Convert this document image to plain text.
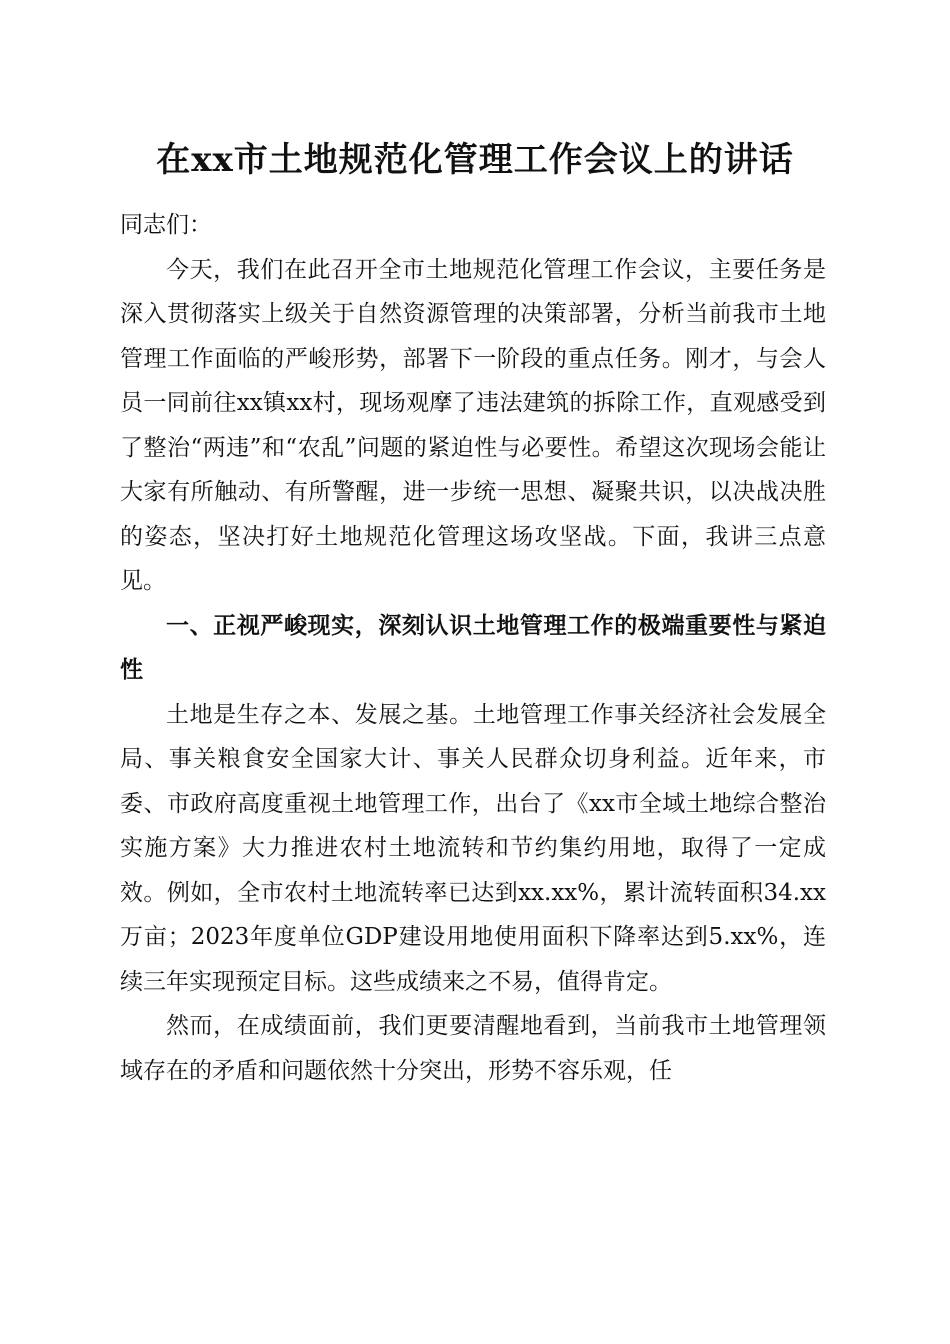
在xx市土地规范化管理工作会议上的讲话

同志们：

今天，我们在此召开全市土地规范化管理工作会议，主要任务是深入贯彻落实上级关于自然资源管理的决策部署，分析当前我市土地管理工作面临的严峻形势，部署下一阶段的重点任务。刚才，与会人员一同前往xx镇xx村，现场观摩了违法建筑的拆除工作，直观感受到了整治“两违”和“农乱”问题的紧迫性与必要性。希望这次现场会能让大家有所触动、有所警醒，进一步统一思想、凝聚共识，以决战决胜的姿态，坚决打好土地规范化管理这场攻坚战。下面，我讲三点意见。

一、正视严峻现实，深刻认识土地管理工作的极端重要性与紧迫性

土地是生存之本、发展之基。土地管理工作事关经济社会发展全局、事关粮食安全国家大计、事关人民群众切身利益。近年来，市委、市政府高度重视土地管理工作，出台了《xx市全域土地综合整治实施方案》大力推进农村土地流转和节约集约用地，取得了一定成效。例如，全市农村土地流转率已达到xx.xx%，累计流转面积34.xx万亩；2023年度单位GDP建设用地使用面积下降率达到5.xx%，连续三年实现预定目标。这些成绩来之不易，值得肯定。

然而，在成绩面前，我们更要清醒地看到，当前我市土地管理领域存在的矛盾和问题依然十分突出，形势不容乐观，任
